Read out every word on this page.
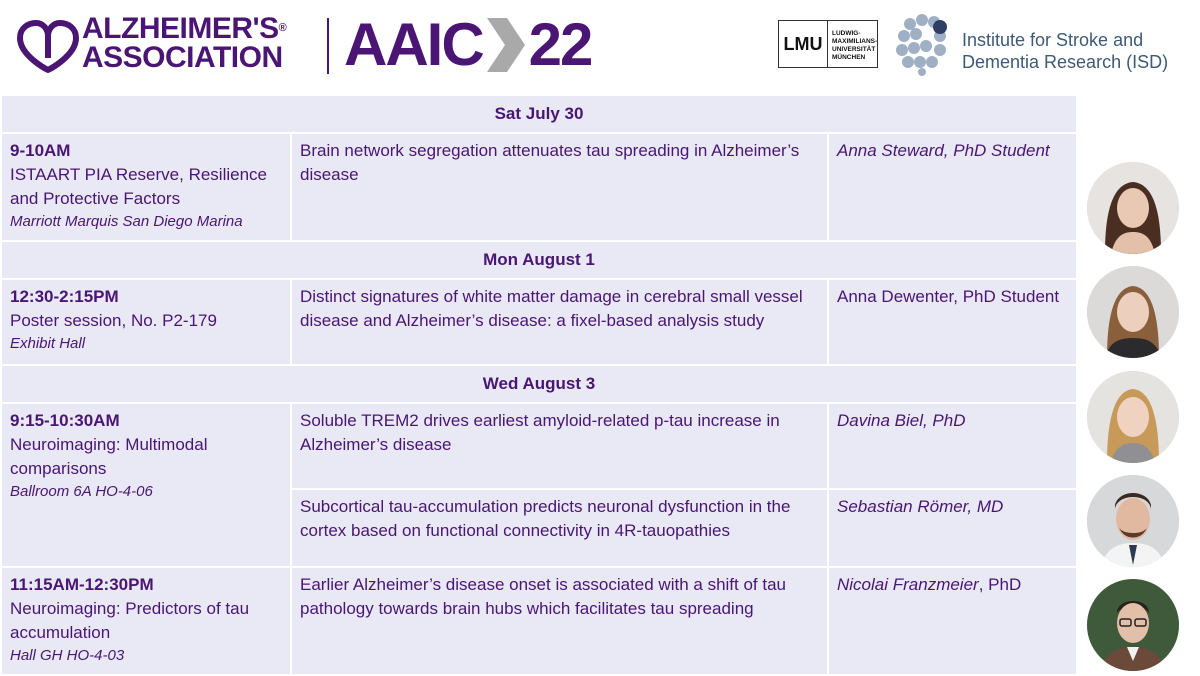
ALZHEIMER'S®
ASSOCIATION AAIC 22	LMU	LUDWIG-
MAXIMILIANS-
UNIVERSITÄT
MÜNCHEN
Institute for Stroke and
Dementia Research (ISD)
Sat July 30		

9-10AM
ISTAART PIA Reserve, Resilience and Protective Factors
Marriott Marquis San Diego Marina	Brain network segregation attenuates tau spreading in Alzheimer’s disease	Anna Steward, PhD Student
Mon August 1		

12:30-2:15PM
Poster session, No. P2-179
Exhibit Hall	Distinct signatures of white matter damage in cerebral small vessel disease and Alzheimer’s disease: a fixel-based analysis study	Anna Dewenter, PhD Student
Wed August 3		

9:15-10:30AM
Neuroimaging: Multimodal comparisons
Ballroom 6A HO-4-06	Soluble TREM2 drives earliest amyloid-related p-tau increase in Alzheimer’s disease	Davina Biel, PhD
	Subcortical tau-accumulation predicts neuronal dysfunction in the cortex based on functional connectivity in 4R-tauopathies	Sebastian Römer, MD

11:15AM-12:30PM
Neuroimaging: Predictors of tau accumulation
Hall GH HO-4-03	Earlier Alzheimer’s disease onset is associated with a shift of tau pathology towards brain hubs which facilitates tau spreading	Nicolai Franzmeier, PhD
